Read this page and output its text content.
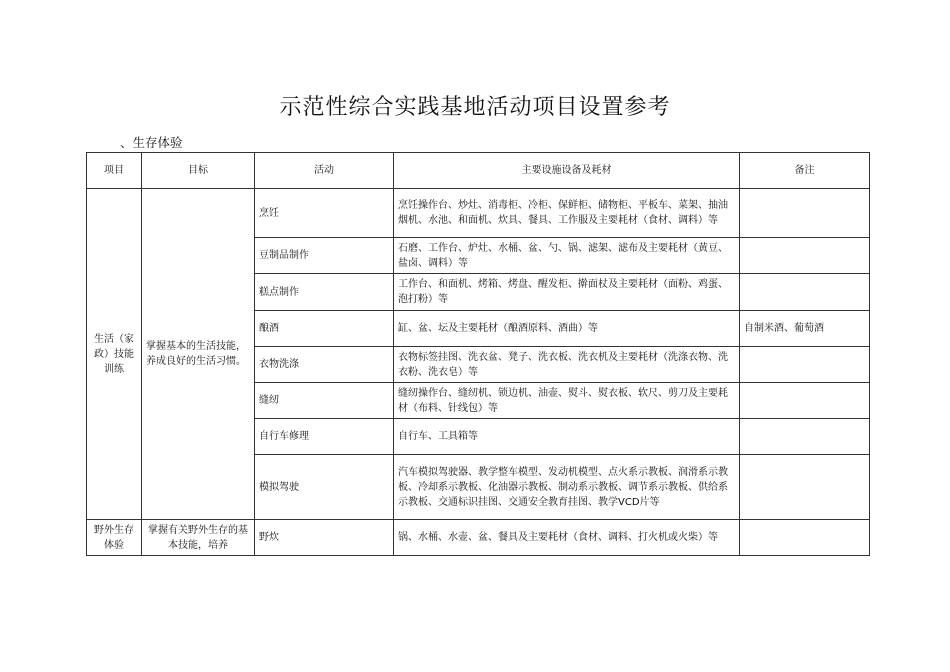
示范性综合实践基地活动项目设置参考
、生存体验
项目	目标	活动	主要设施设备及耗材	备注
生活（家政）技能训练	掌握基本的生活技能，养成良好的生活习惯。	烹饪	烹饪操作台、炒灶、消毒柜、冷柜、保鲜柜、储物柜、平板车、菜架、抽油烟机、水池、和面机、炊具、餐具、工作服及主要耗材（食材、调料）等	
		豆制品制作	石磨、工作台、炉灶、水桶、盆、勺、锅、滤架、滤布及主要耗材（黄豆、盐卤、调料）等	
		糕点制作	工作台、和面机、烤箱、烤盘、醒发柜、擀面杖及主要耗材（面粉、鸡蛋、泡打粉）等	
		酿酒	缸、盆、坛及主要耗材（酿酒原料、酒曲）等	自制米酒、葡萄酒
		衣物洗涤	衣物标签挂图、洗衣盆、凳子、洗衣板、洗衣机及主要耗材（洗涤衣物、洗衣粉、洗衣皂）等	
		缝纫	缝纫操作台、缝纫机、锁边机、油壶、熨斗、熨衣板、软尺、剪刀及主要耗材（布料、针线包）等	
		自行车修理	自行车、工具箱等	
		模拟驾驶	汽车模拟驾驶器、教学整车模型、发动机模型、点火系示教板、润滑系示教板、冷却系示教板、化油器示教板、制动系示教板、调节系示教板、供给系示教板、交通标识挂图、交通安全教育挂图、教学VCD片等	
野外生存体验	掌握有关野外生存的基本技能，培养	野炊	锅、水桶、水壶、盆、餐具及主要耗材（食材、调料、打火机或火柴）等	
